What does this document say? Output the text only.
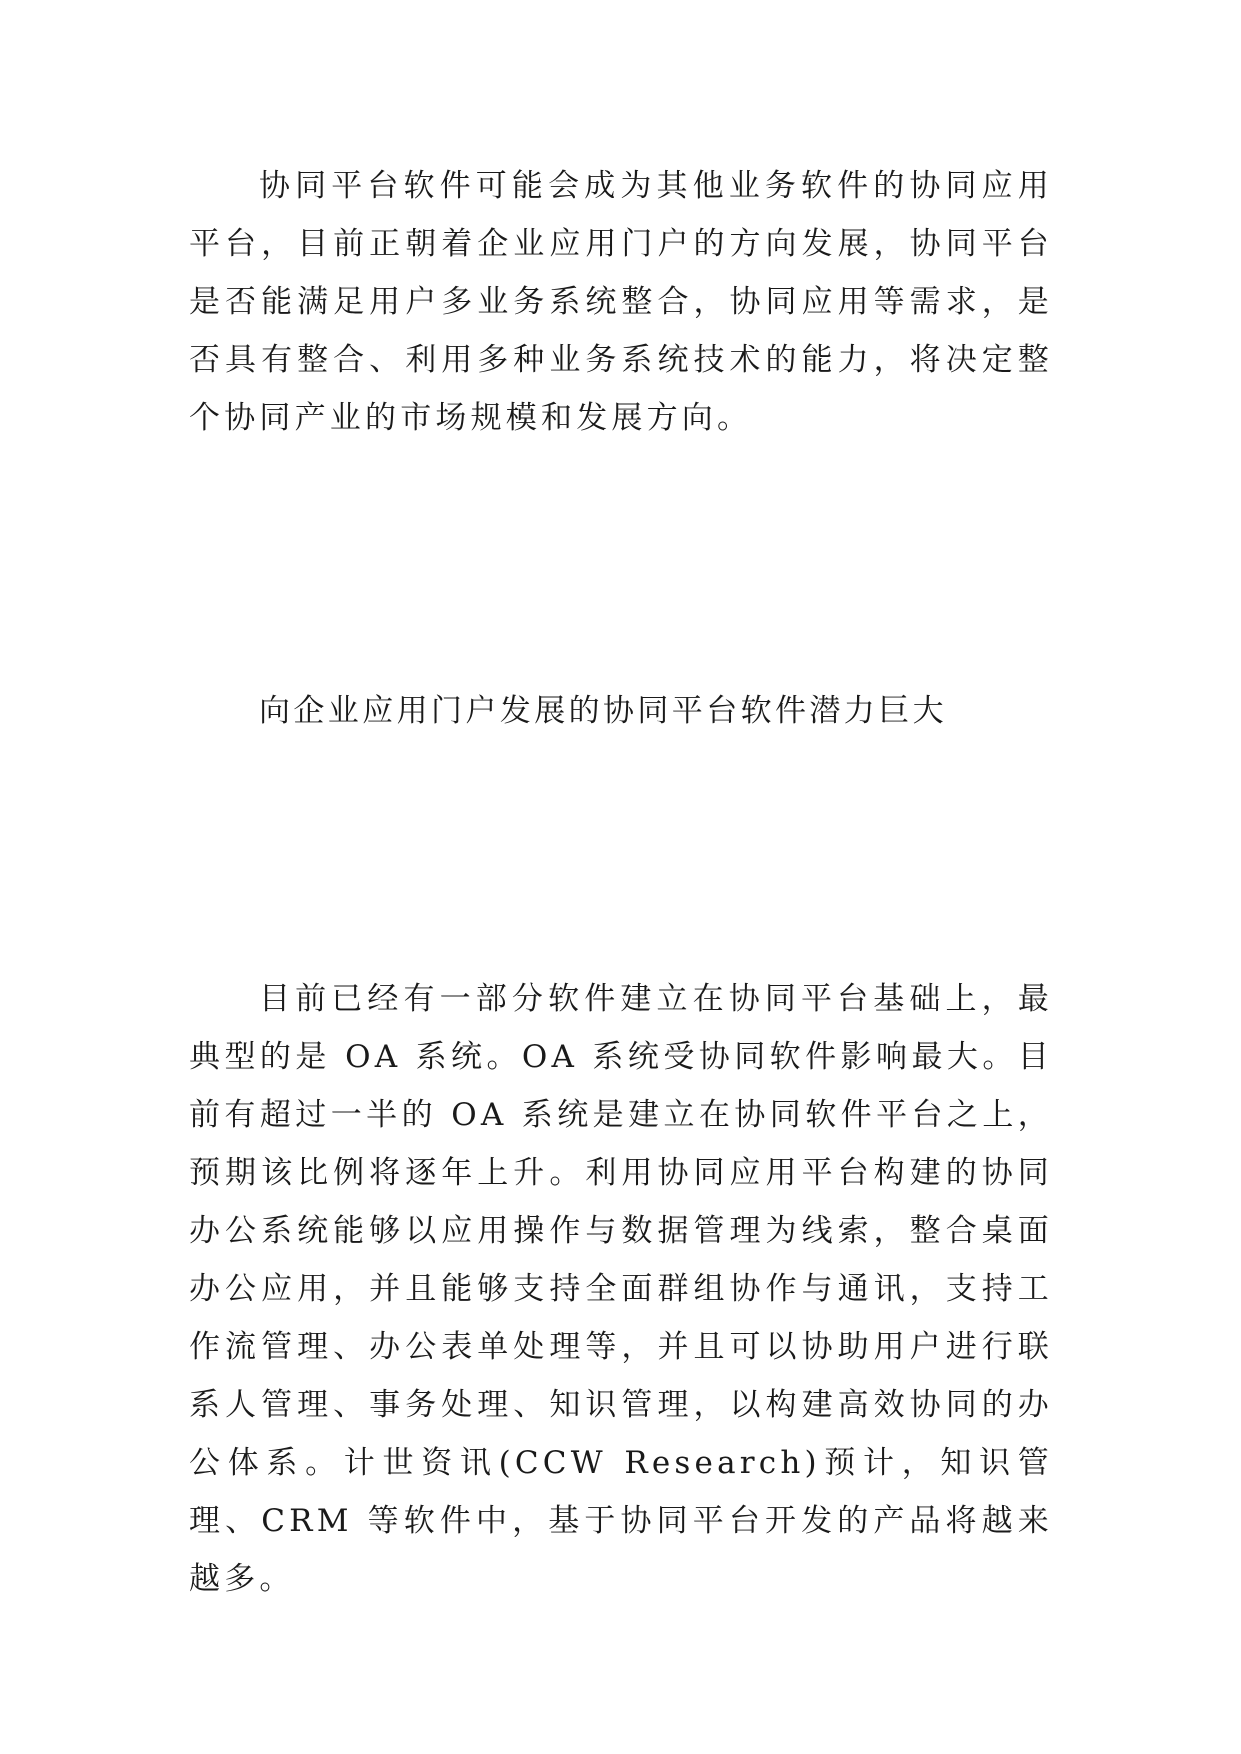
协同平台软件可能会成为其他业务软件的协同应用平台，目前正朝着企业应用门户的方向发展，协同平台是否能满足用户多业务系统整合，协同应用等需求，是否具有整合、利用多种业务系统技术的能力，将决定整个协同产业的市场规模和发展方向。

向企业应用门户发展的协同平台软件潜力巨大

目前已经有一部分软件建立在协同平台基础上，最典型的是 OA 系统。OA 系统受协同软件影响最大。目前有超过一半的 OA 系统是建立在协同软件平台之上，预期该比例将逐年上升。利用协同应用平台构建的协同办公系统能够以应用操作与数据管理为线索，整合桌面办公应用，并且能够支持全面群组协作与通讯，支持工作流管理、办公表单处理等，并且可以协助用户进行联系人管理、事务处理、知识管理，以构建高效协同的办公体系。计世资讯(CCW Research)预计，知识管理、CRM 等软件中，基于协同平台开发的产品将越来越多。
